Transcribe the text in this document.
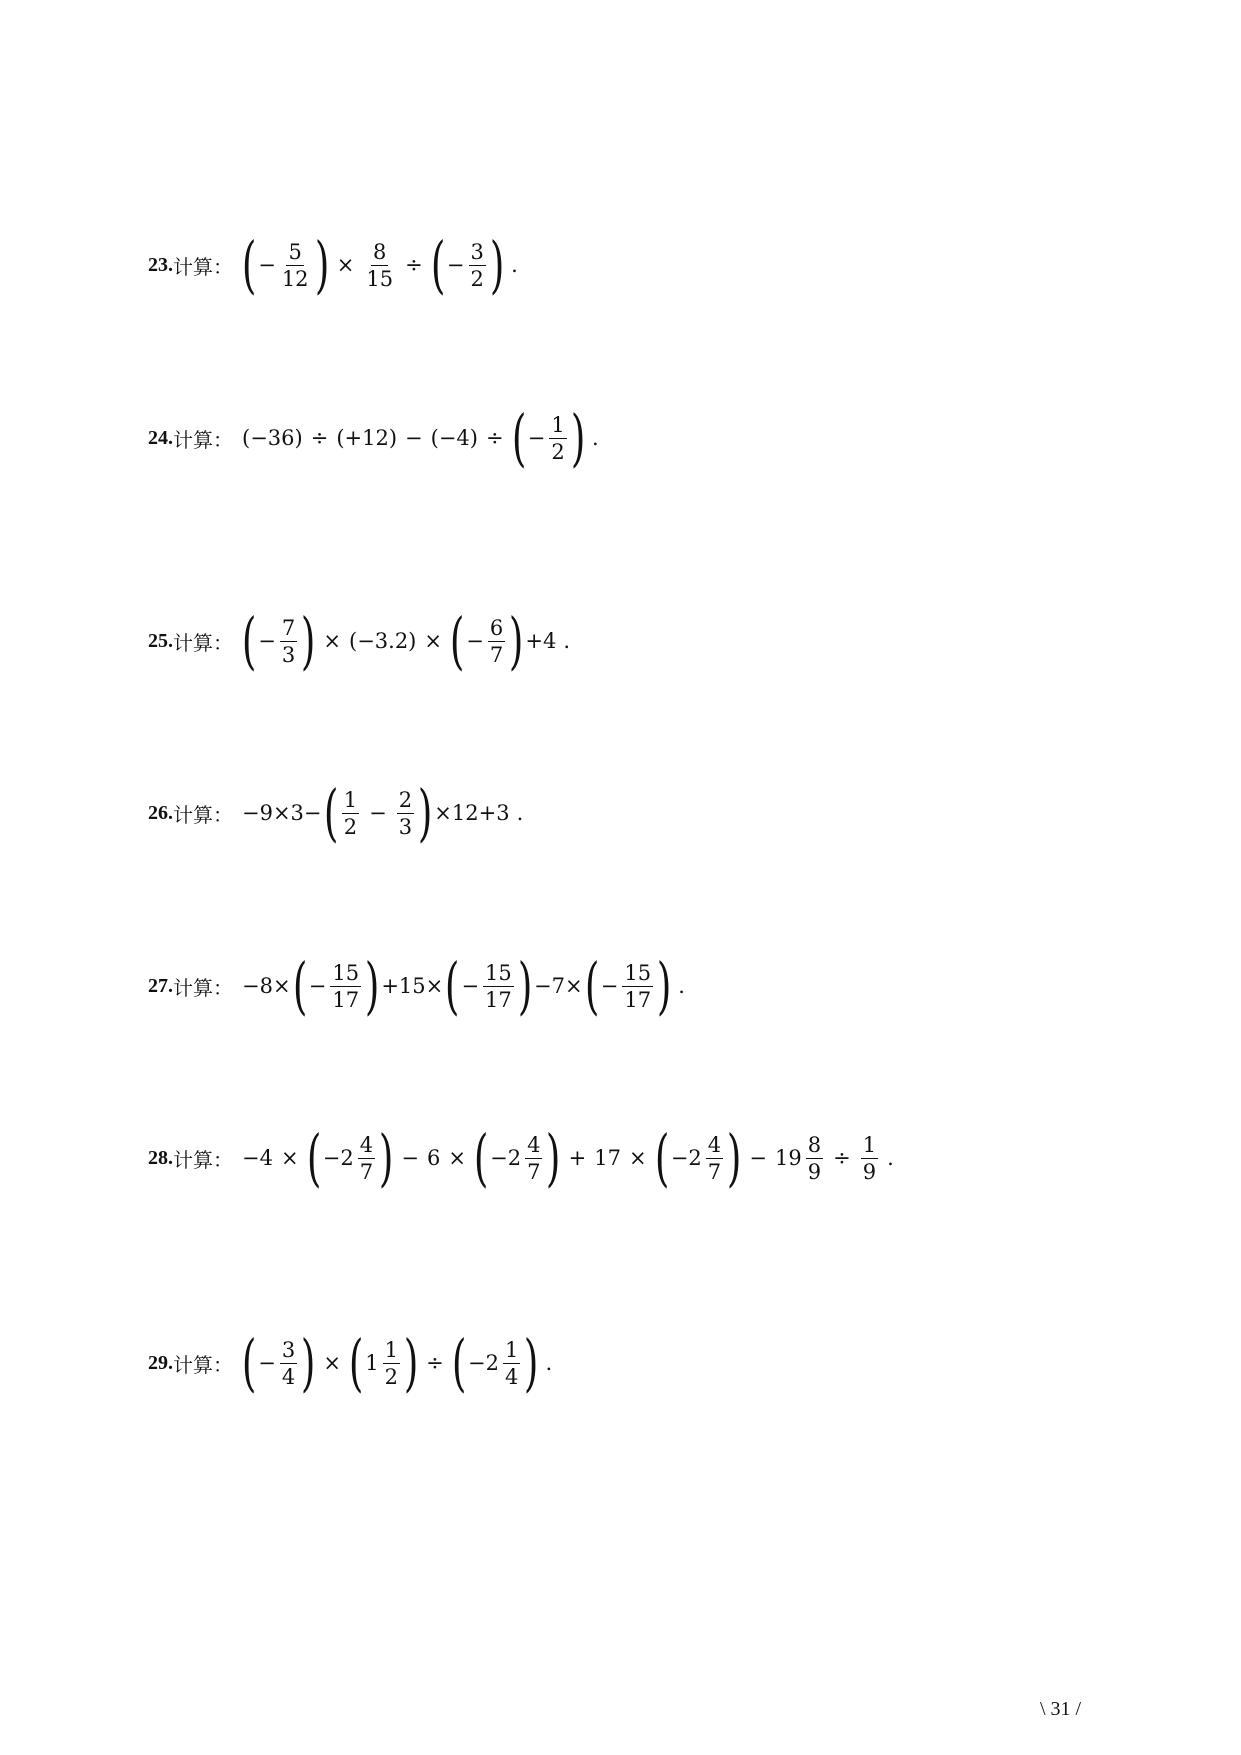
23. 计算： ( − $\frac{5}{12}$ ) × $\frac{8}{15}$ ÷ ( − $\frac{3}{2}$ ) .
24. 计算： (−36) ÷ (+12) − (−4) ÷ ( − $\frac{1}{2}$ ) .
25. 计算： ( − $\frac{7}{3}$ ) × (−3.2) × ( − $\frac{6}{7}$ ) +4 .
26. 计算： −9×3− ( $\frac{1}{2} - \frac{2}{3}$ ) ×12+3 .
27. 计算： −8× ( − $\frac{15}{17}$ ) +15× ( − $\frac{15}{17}$ ) −7× ( − $\frac{15}{17}$ ) .
28. 计算： −4 × ( $-2 \frac{4}{7}$ ) − 6 × ( $-2 \frac{4}{7}$ ) + 17 × ( $-2 \frac{4}{7}$ ) − $19 \frac{8}{9} \div \frac{1}{9}$ .
29. 计算： ( − $\frac{3}{4}$ ) × ( $1 \frac{1}{2}$ ) ÷ ( $-2 \frac{1}{4}$ ) .
\ 31 /
